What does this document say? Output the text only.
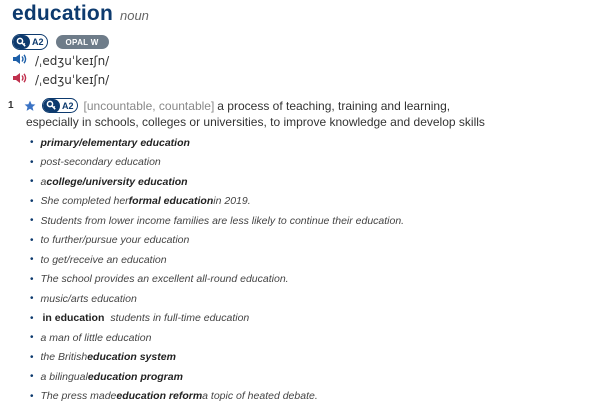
education noun
A2	OPAL W
/ˌedʒuˈkeɪʃn/
/ˌedʒuˈkeɪʃn/
1	A2 [uncountable, countable] a process of teaching, training and learning,
especially in schools, colleges or universities, to improve knowledge and develop skills
• primary/elementary education
• post-secondary education
• a college/university education
• She completed her formal education in 2019.
• Students from lower income families are less likely to continue their education.
• to further/pursue your education
• to get/receive an education
• The school provides an excellent all-round education.
• music/arts education
• in education students in full-time education
• a man of little education
• the British education system
• a bilingual education program
• The press made education reform a topic of heated debate.
